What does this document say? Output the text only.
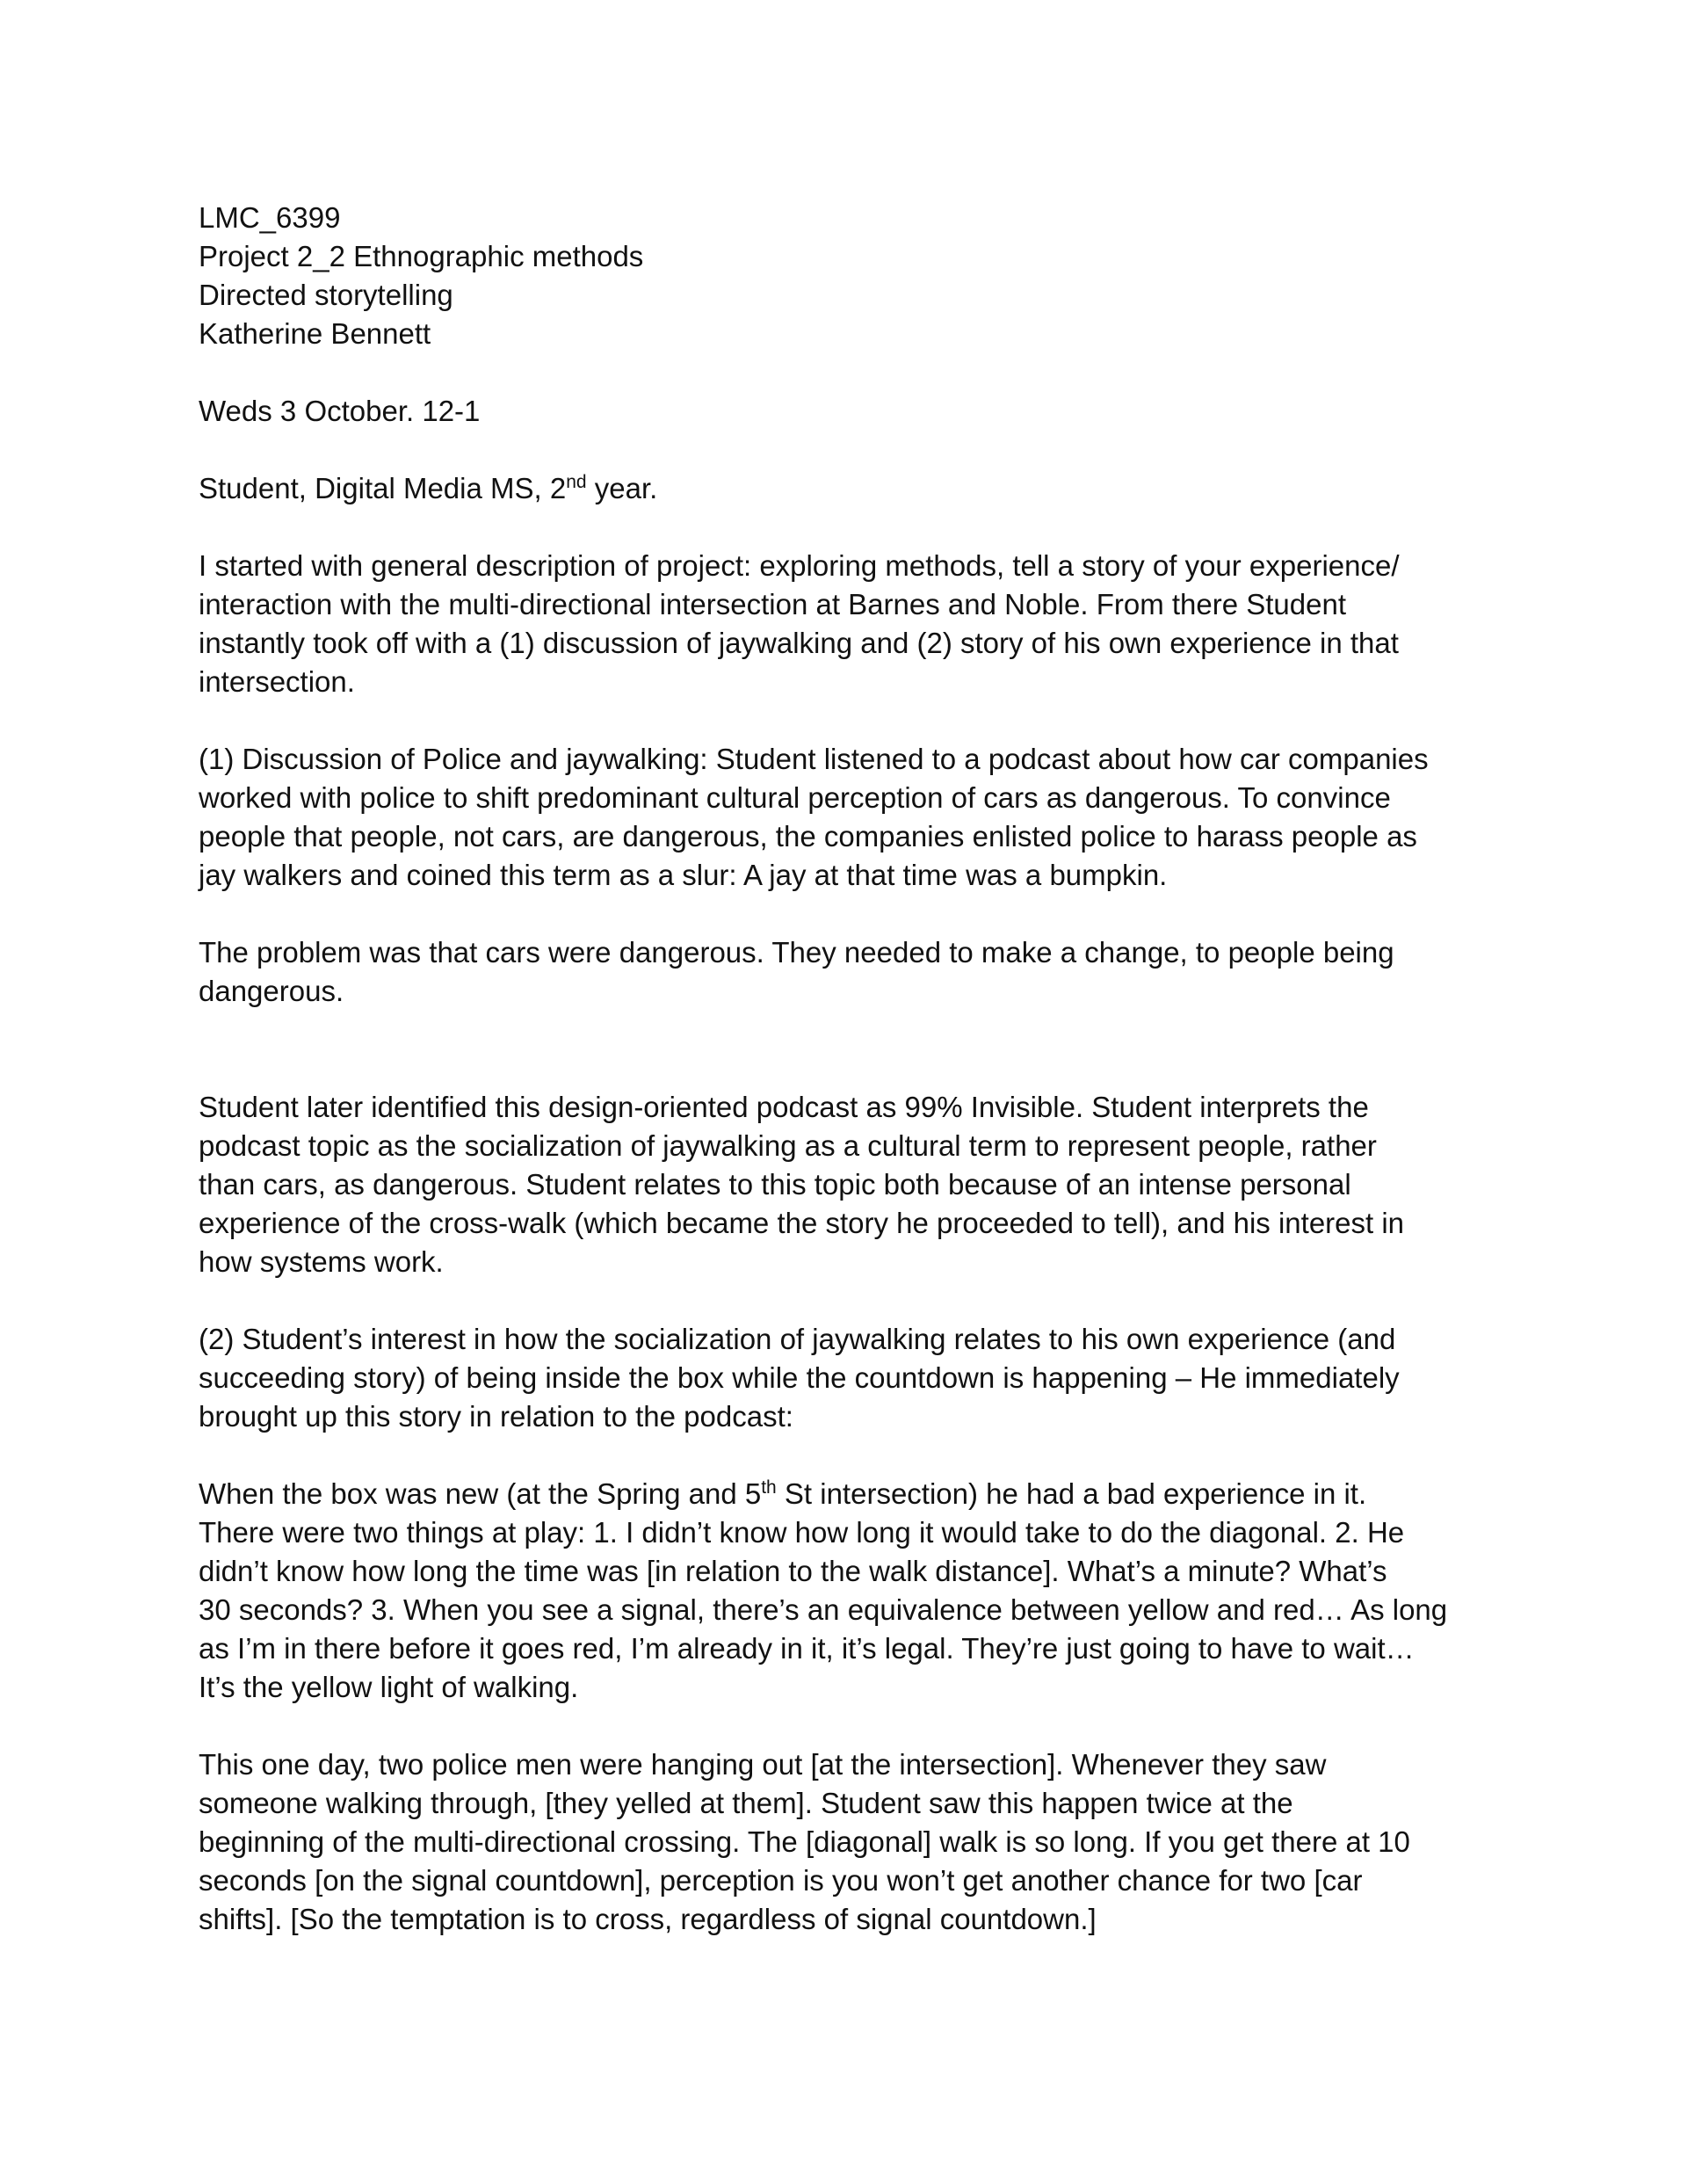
LMC_6399
Project 2_2 Ethnographic methods
Directed storytelling
Katherine Bennett
Weds 3 October. 12-1
Student, Digital Media MS, 2nd year.
I started with general description of project: exploring methods, tell a story of your experience/
interaction with the multi-directional intersection at Barnes and Noble. From there Student
instantly took off with a (1) discussion of jaywalking and (2) story of his own experience in that
intersection.
(1) Discussion of Police and jaywalking: Student listened to a podcast about how car companies
worked with police to shift predominant cultural perception of cars as dangerous. To convince
people that people, not cars, are dangerous, the companies enlisted police to harass people as
jay walkers and coined this term as a slur: A jay at that time was a bumpkin.
The problem was that cars were dangerous. They needed to make a change, to people being
dangerous.
Student later identified this design-oriented podcast as 99% Invisible. Student interprets the
podcast topic as the socialization of jaywalking as a cultural term to represent people, rather
than cars, as dangerous. Student relates to this topic both because of an intense personal
experience of the cross-walk (which became the story he proceeded to tell), and his interest in
how systems work.
(2) Student’s interest in how the socialization of jaywalking relates to his own experience (and
succeeding story) of being inside the box while the countdown is happening – He immediately
brought up this story in relation to the podcast:
When the box was new (at the Spring and 5th St intersection) he had a bad experience in it.
There were two things at play: 1. I didn’t know how long it would take to do the diagonal. 2. He
didn’t know how long the time was [in relation to the walk distance]. What’s a minute? What’s
30 seconds? 3. When you see a signal, there’s an equivalence between yellow and red… As long
as I’m in there before it goes red, I’m already in it, it’s legal. They’re just going to have to wait…
It’s the yellow light of walking.
This one day, two police men were hanging out [at the intersection]. Whenever they saw
someone walking through, [they yelled at them]. Student saw this happen twice at the
beginning of the multi-directional crossing. The [diagonal] walk is so long. If you get there at 10
seconds [on the signal countdown], perception is you won’t get another chance for two [car
shifts]. [So the temptation is to cross, regardless of signal countdown.]
